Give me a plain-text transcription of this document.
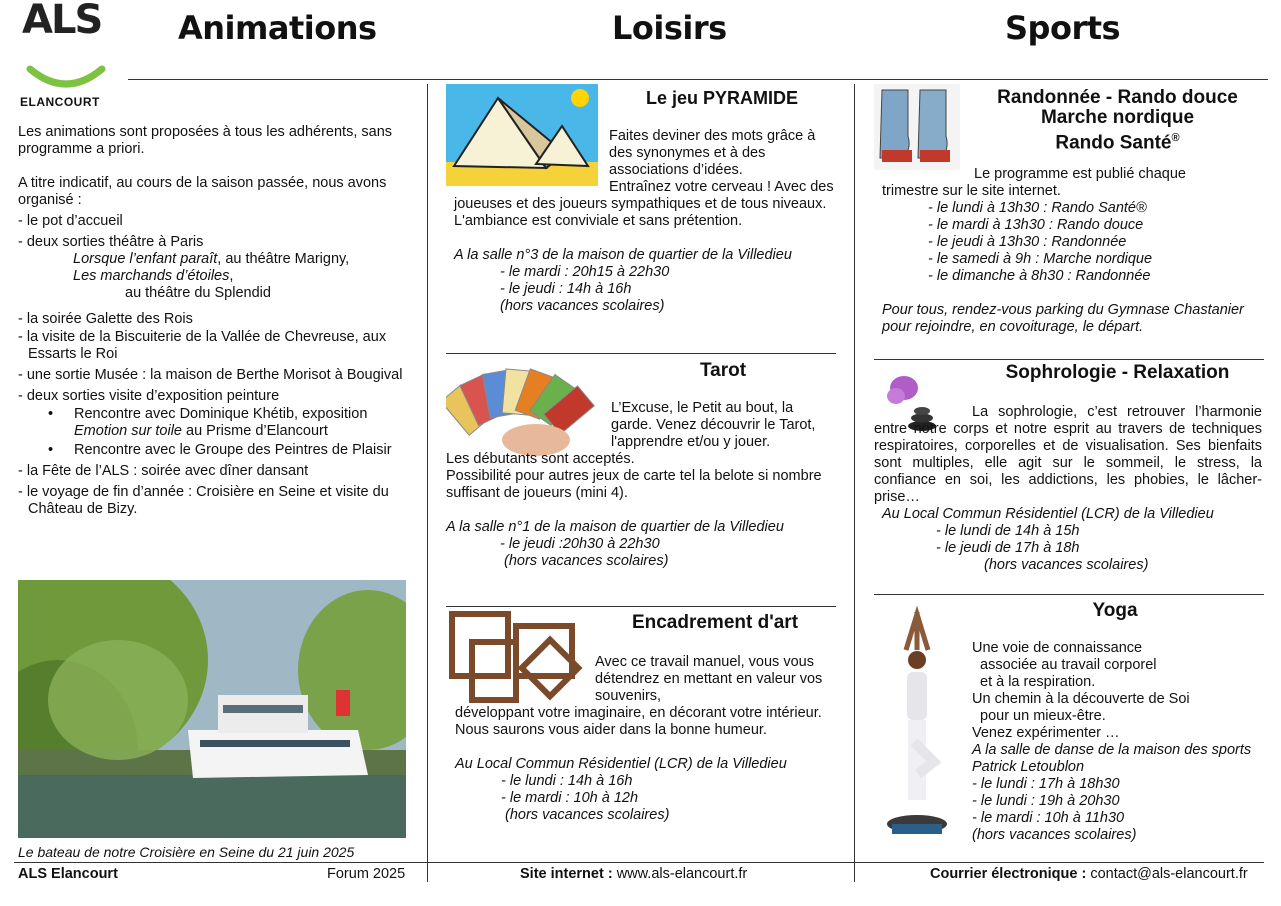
ALS
ELANCOURT
Animations	Loisirs	Sports

Les animations sont proposées à tous les adhérents, sans programme a priori.

A titre indicatif, au cours de la saison passée, nous avons organisé :

- le pot d’accueil

- deux sorties théâtre à Paris

Lorsque l’enfant paraît, au théâtre Marigny,

Les marchands d’étoiles,

au théâtre du Splendid

- la soirée Galette des Rois

- la visite de la Biscuiterie de la Vallée de Chevreuse, aux Essarts le Roi

- une sortie Musée : la maison de Berthe Morisot à Bougival

- deux sorties visite d’exposition peinture

• Rencontre avec Dominique Khétib, exposition Emotion sur toile au Prisme d’Elancourt

• Rencontre avec le Groupe des Peintres de Plaisir

- la Fête de l’ALS : soirée avec dîner dansant

- le voyage de fin d’année : Croisière en Seine et visite du Château de Bizy.

Le bateau de notre Croisière en Seine du 21 juin 2025
Le jeu PYRAMIDE

Faites deviner des mots grâce à des synonymes et à des associations d’idées.

Entraînez votre cerveau ! Avec des joueuses et des joueurs sympathiques et de tous niveaux. L'ambiance est conviviale et sans prétention.

A la salle n°3 de la maison de quartier de la Villedieu

- le mardi : 20h15 à 22h30

- le jeudi : 14h à 16h

(hors vacances scolaires)

Tarot

L’Excuse, le Petit au bout, la garde. Venez découvrir le Tarot, l'apprendre et/ou y jouer.

Les débutants sont acceptés.

Possibilité pour autres jeux de carte tel la belote si nombre suffisant de joueurs (mini 4).

A la salle n°1 de la maison de quartier de la Villedieu

- le jeudi :20h30 à 22h30

(hors vacances scolaires)

Encadrement d'art

Avec ce travail manuel, vous vous détendrez en mettant en valeur vos souvenirs,

développant votre imaginaire, en décorant votre intérieur.

Nous saurons vous aider dans la bonne humeur.

Au Local Commun Résidentiel (LCR) de la Villedieu

- le lundi : 14h à 16h

- le mardi : 10h à 12h

(hors vacances scolaires)

Randonnée - Rando douce
Marche nordique
Rando Santé®

Le programme est publié chaque

trimestre sur le site internet.

- le lundi à 13h30 : Rando Santé®

- le mardi à 13h30 : Rando douce

- le jeudi à 13h30 : Randonnée

- le samedi à 9h : Marche nordique

- le dimanche à 8h30 : Randonnée

Pour tous, rendez-vous parking du Gymnase Chastanier pour rejoindre, en covoiturage, le départ.

Sophrologie - Relaxation

La sophrologie, c’est retrouver l’harmonie entre notre corps et notre esprit au travers de techniques respiratoires, corporelles et de visualisation. Ses bienfaits sont multiples, elle agit sur le sommeil, le stress, la confiance en soi, les addictions, les phobies, le lâcher-prise…

Au Local Commun Résidentiel (LCR) de la Villedieu

- le lundi de 14h à 15h

- le jeudi de 17h à 18h

(hors vacances scolaires)

Yoga

Une voie de connaissance

associée au travail corporel

et à la respiration.

Un chemin à la découverte de Soi

pour un mieux-être.

Venez expérimenter …

A la salle de danse de la maison des sports

Patrick Letoublon

- le lundi : 17h à 18h30

- le lundi : 19h à 20h30

- le mardi : 10h à 11h30

(hors vacances scolaires)

ALS Elancourt	Forum 2025	Site internet : www.als-elancourt.fr	Courrier électronique : contact@als-elancourt.fr
